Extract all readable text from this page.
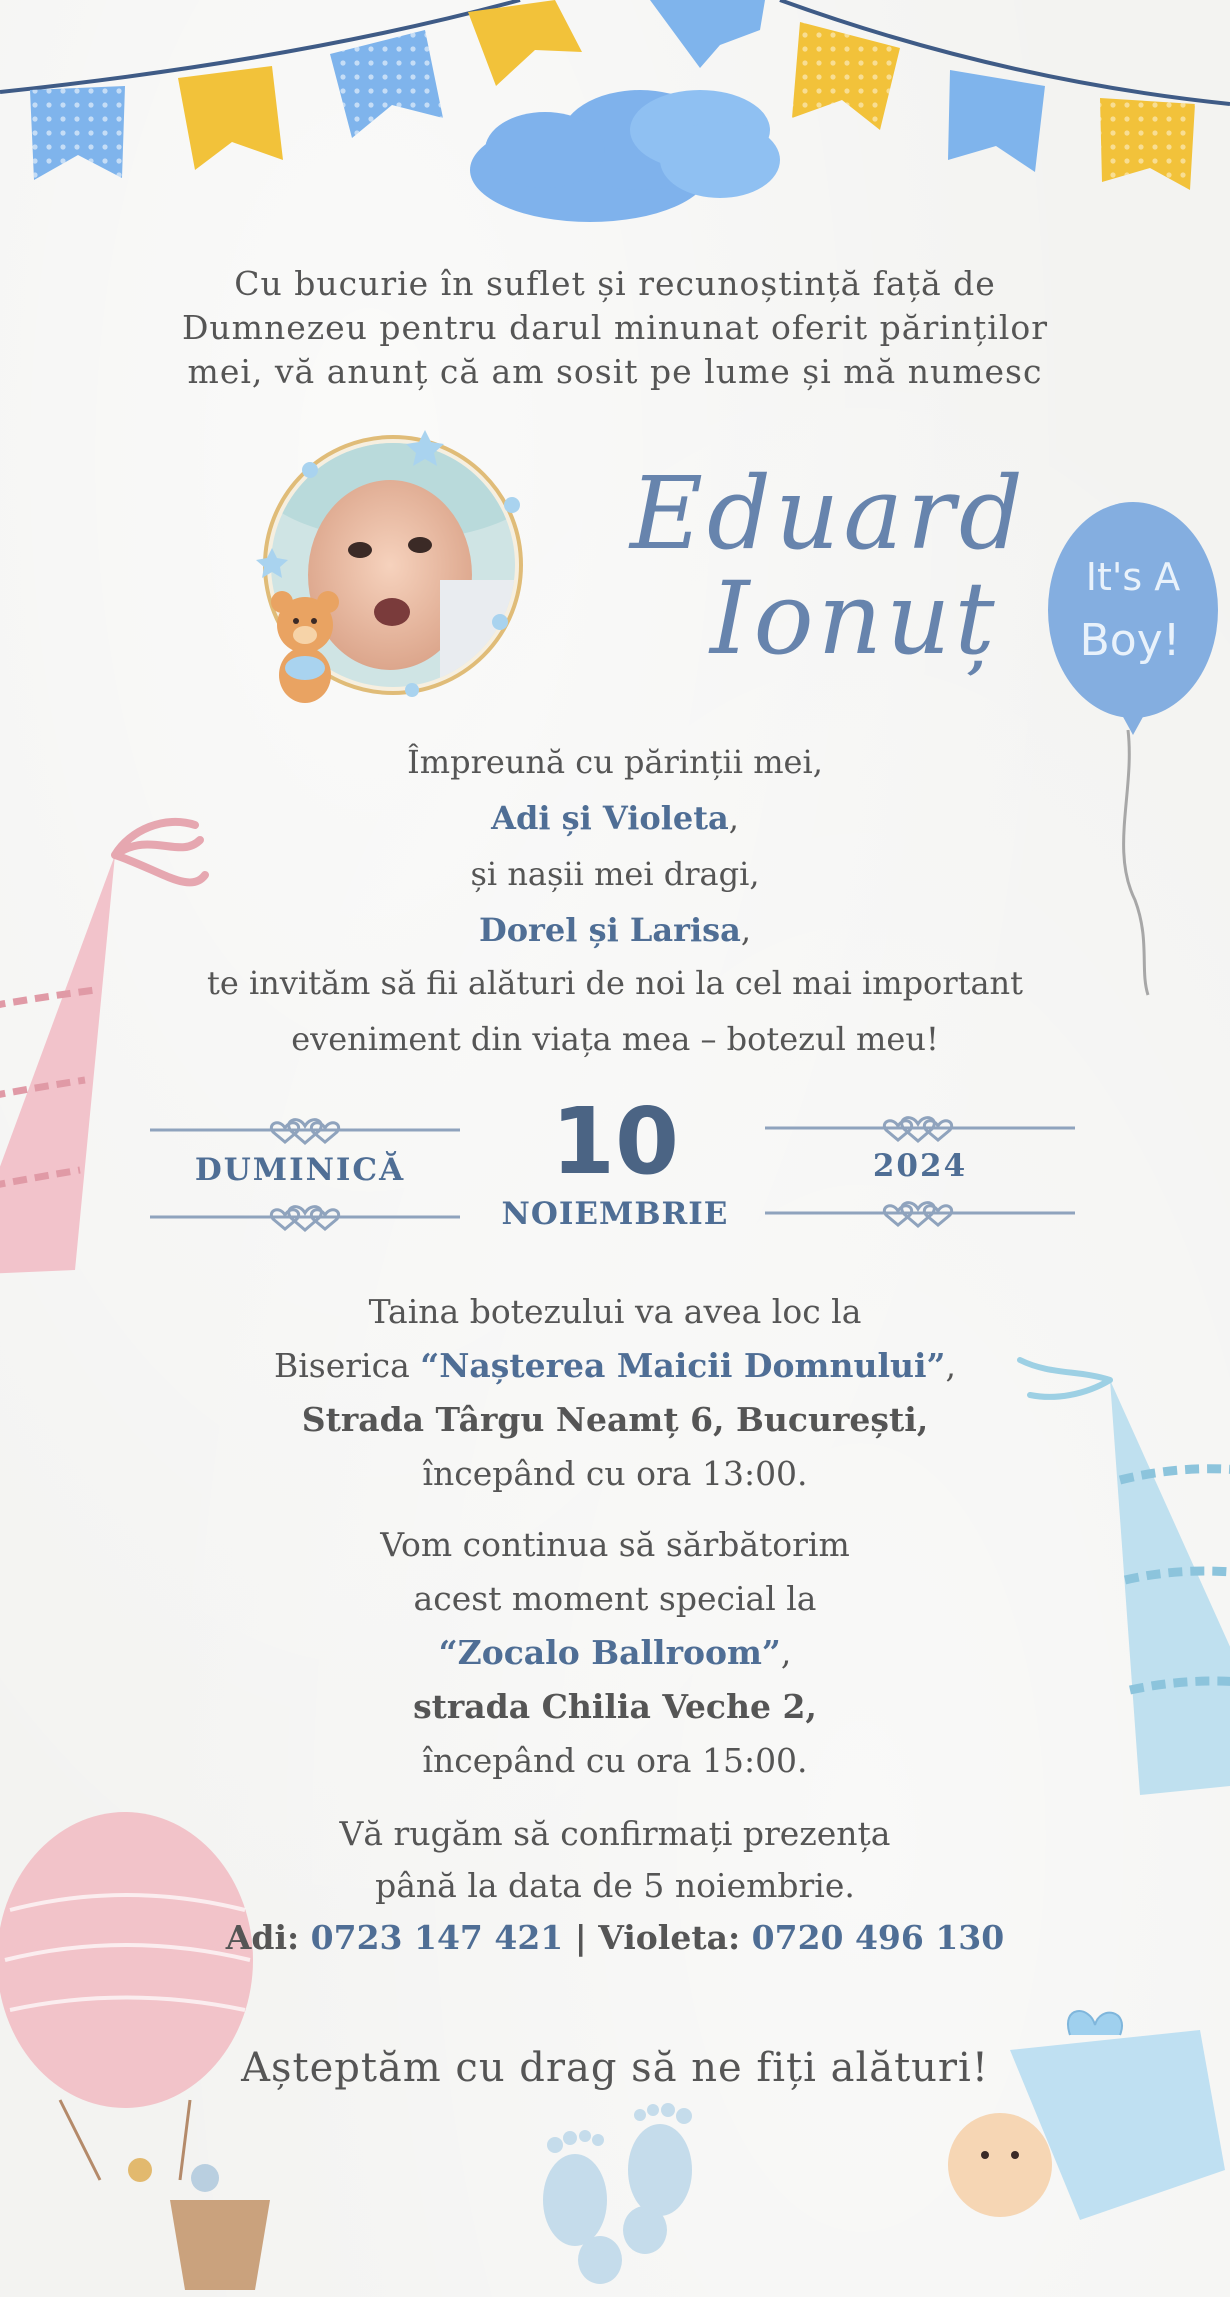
It's A
Boy!
Cu bucurie în suflet și recunoștință față de
Dumnezeu pentru darul minunat oferit părinților
mei, vă anunț că am sosit pe lume și mă numesc
Eduard
Ionuț
Împreună cu părinții mei,
Adi și Violeta,
și nașii mei dragi,
Dorel și Larisa,
te invităm să fii alături de noi la cel mai important
eveniment din viața mea – botezul meu!
DUMINICĂ	10
NOIEMBRIE
2024
Taina botezului va avea loc la
Biserica “Nașterea Maicii Domnului”,
Strada Târgu Neamț 6, București,
începând cu ora 13:00.
Vom continua să sărbătorim
acest moment special la
“Zocalo Ballroom”,
strada Chilia Veche 2,
începând cu ora 15:00.
Vă rugăm să confirmați prezența
până la data de 5 noiembrie.
Adi: 0723 147 421 | Violeta: 0720 496 130
Așteptăm cu drag să ne fiți alături!
